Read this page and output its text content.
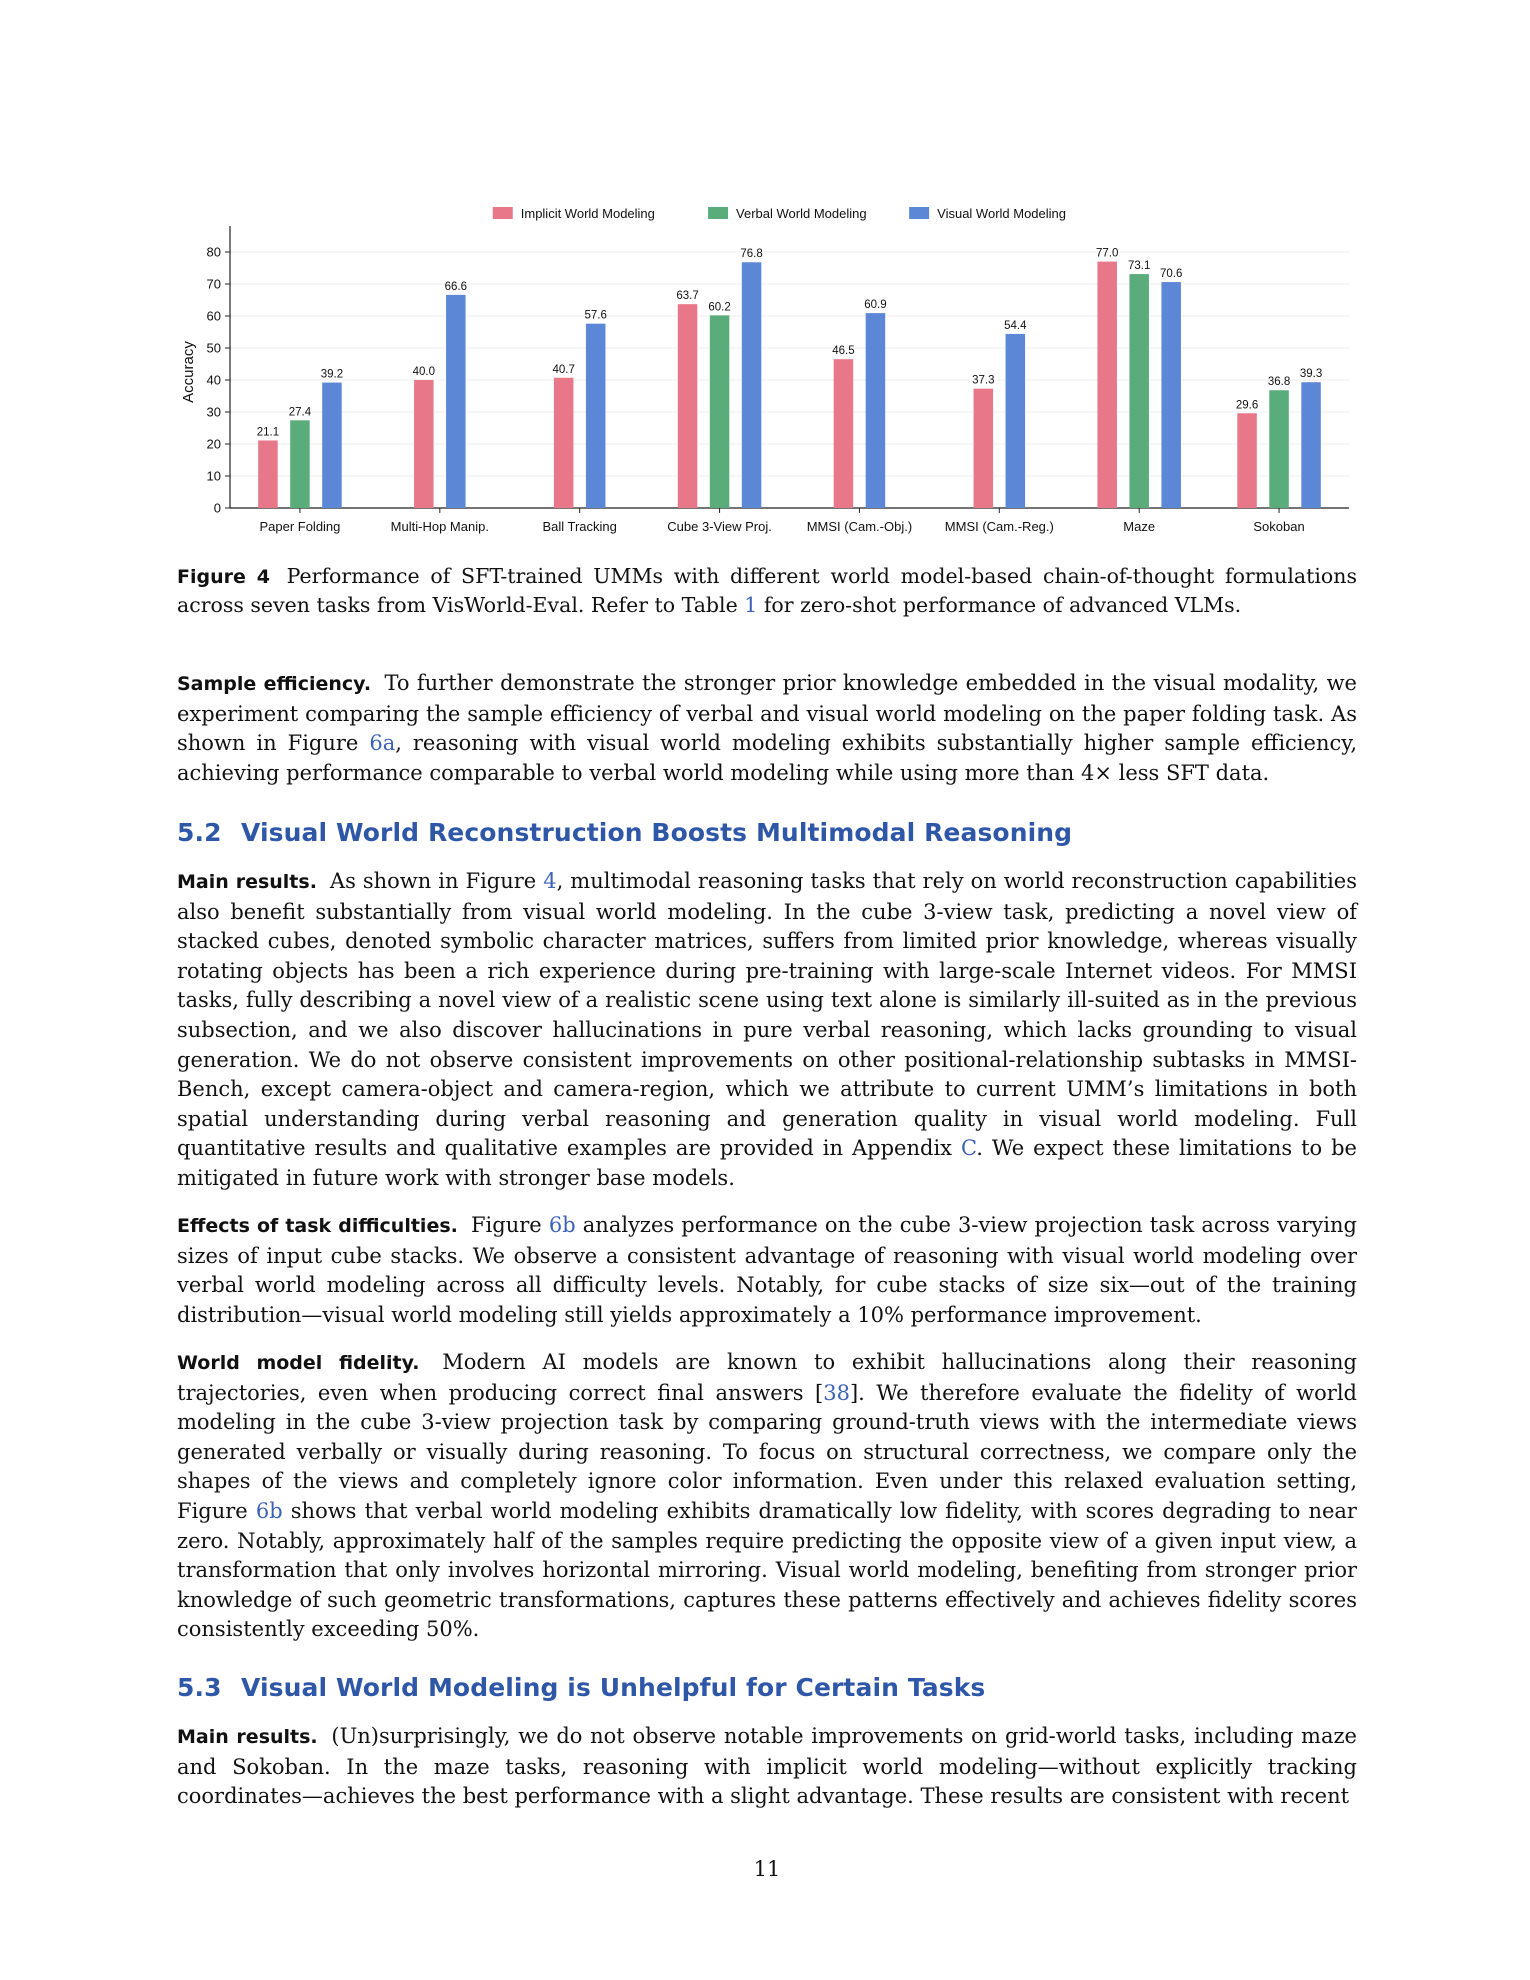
0
10
20
30
40
50
60
70
80
Accuracy
21.1
27.4
39.2
Paper Folding
40.0
66.6
Multi-Hop Manip.
40.7
57.6
Ball Tracking
63.7
60.2
76.8
Cube 3-View Proj.
46.5
60.9
MMSI (Cam.-Obj.)
37.3
54.4
MMSI (Cam.-Reg.)
77.0
73.1
70.6
Maze
29.6
36.8
39.3
Sokoban
Implicit World Modeling	Verbal World Modeling	Visual World Modeling
Figure 4 Performance of SFT-trained UMMs with different world model-based chain-of-thought formulations across seven tasks from VisWorld-Eval. Refer to Table 1 for zero-shot performance of advanced VLMs.
Sample efficiency. To further demonstrate the stronger prior knowledge embedded in the visual modality, we experiment comparing the sample efficiency of verbal and visual world modeling on the paper folding task. As shown in Figure 6a, reasoning with visual world modeling exhibits substantially higher sample efficiency, achieving performance comparable to verbal world modeling while using more than 4× less SFT data.
5.2 Visual World Reconstruction Boosts Multimodal Reasoning
Main results. As shown in Figure 4, multimodal reasoning tasks that rely on world reconstruction capabilities also benefit substantially from visual world modeling. In the cube 3-view task, predicting a novel view of stacked cubes, denoted symbolic character matrices, suffers from limited prior knowledge, whereas visually rotating objects has been a rich experience during pre-training with large-scale Internet videos. For MMSI tasks, fully describing a novel view of a realistic scene using text alone is similarly ill-suited as in the previous subsection, and we also discover hallucinations in pure verbal reasoning, which lacks grounding to visual generation. We do not observe consistent improvements on other positional-relationship subtasks in MMSI-Bench, except camera-object and camera-region, which we attribute to current UMM’s limitations in both spatial understanding during verbal reasoning and generation quality in visual world modeling. Full quantitative results and qualitative examples are provided in Appendix C. We expect these limitations to be mitigated in future work with stronger base models.
Effects of task difficulties. Figure 6b analyzes performance on the cube 3-view projection task across varying sizes of input cube stacks. We observe a consistent advantage of reasoning with visual world modeling over verbal world modeling across all difficulty levels. Notably, for cube stacks of size six—out of the training distribution—visual world modeling still yields approximately a 10% performance improvement.
World model fidelity. Modern AI models are known to exhibit hallucinations along their reasoning trajectories, even when producing correct final answers [38]. We therefore evaluate the fidelity of world modeling in the cube 3-view projection task by comparing ground-truth views with the intermediate views generated verbally or visually during reasoning. To focus on structural correctness, we compare only the shapes of the views and completely ignore color information. Even under this relaxed evaluation setting, Figure 6b shows that verbal world modeling exhibits dramatically low fidelity, with scores degrading to near zero. Notably, approximately half of the samples require predicting the opposite view of a given input view, a transformation that only involves horizontal mirroring. Visual world modeling, benefiting from stronger prior knowledge of such geometric transformations, captures these patterns effectively and achieves fidelity scores consistently exceeding 50%.
5.3 Visual World Modeling is Unhelpful for Certain Tasks
Main results. (Un)surprisingly, we do not observe notable improvements on grid-world tasks, including maze and Sokoban. In the maze tasks, reasoning with implicit world modeling—without explicitly tracking coordinates—achieves the best performance with a slight advantage. These results are consistent with recent
11
